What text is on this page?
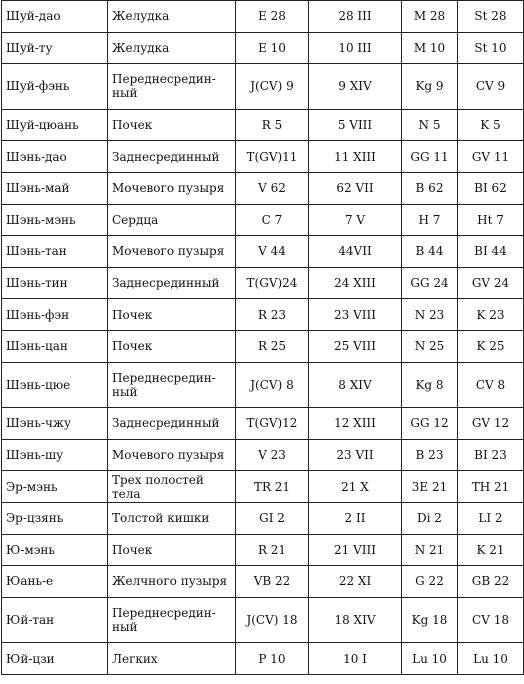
Шуй-дао	Желудка	E 28	28 III	M 28	St 28
Шуй-ту	Желудка	E 10	10 III	M 10	St 10
Шуй-фэнь	Переднесредин-ный	J(CV) 9	9 XIV	Kg 9	CV 9
Шуй-цюань	Почек	R 5	5 VIII	N 5	K 5
Шэнь-дао	Заднесрединный	T(GV)11	11 XIII	GG 11	GV 11
Шэнь-май	Мочевого пузыря	V 62	62 VII	B 62	BI 62
Шэнь-мэнь	Сердца	C 7	7 V	H 7	Ht 7
Шэнь-тан	Мочевого пузыря	V 44	44VII	B 44	BI 44
Шэнь-тин	Заднесрединный	T(GV)24	24 XIII	GG 24	GV 24
Шэнь-фэн	Почек	R 23	23 VIII	N 23	K 23
Шэнь-цан	Почек	R 25	25 VIII	N 25	K 25
Шэнь-цюе	Переднесредин-ный	J(CV) 8	8 XIV	Kg 8	CV 8
Шэнь-чжу	Заднесрединный	T(GV)12	12 XIII	GG 12	GV 12
Шэнь-шу	Мочевого пузыря	V 23	23 VII	B 23	BI 23
Эр-мэнь	Трех полостей тела	TR 21	21 X	3E 21	TH 21
Эр-цзянь	Толстой кишки	GI 2	2 II	Di 2	LI 2
Ю-мэнь	Почек	R 21	21 VIII	N 21	K 21
Юань-е	Желчного пузыря	VB 22	22 XI	G 22	GB 22
Юй-тан	Переднесредин-ный	J(CV) 18	18 XIV	Kg 18	CV 18
Юй-цзи	Легких	P 10	10 I	Lu 10	Lu 10
